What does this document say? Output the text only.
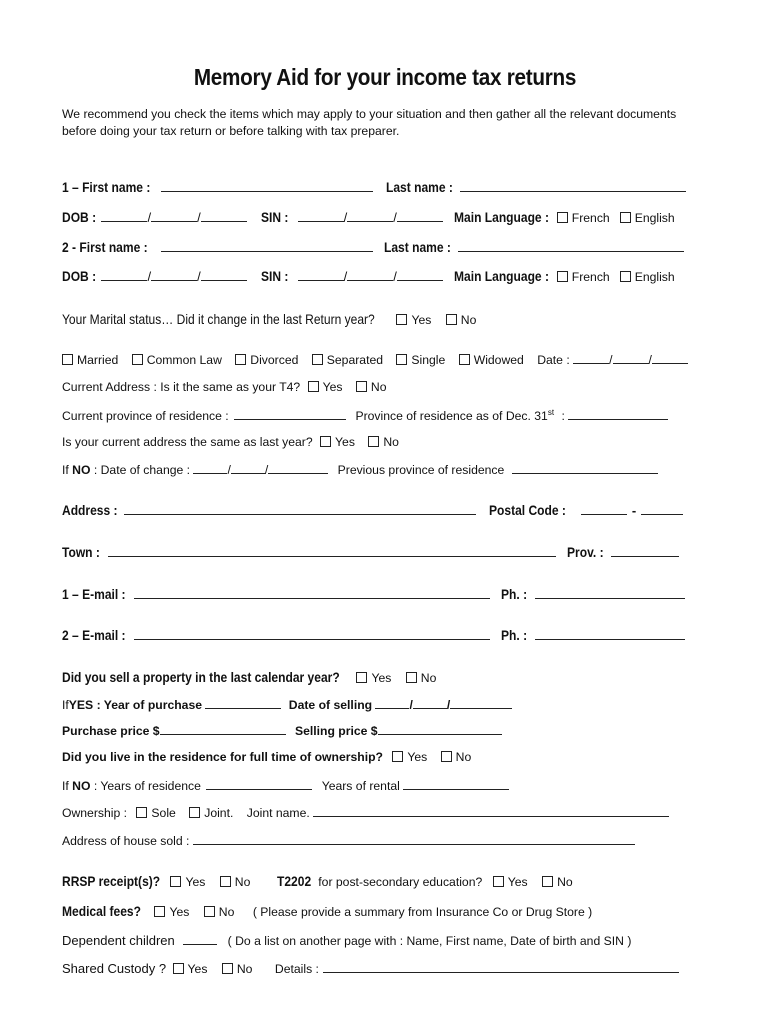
Memory Aid for your income tax returns
We recommend you check the items which may apply to your situation and then gather all the relevant documents before doing your tax return or before talking with tax preparer.
1 – First name :	Last name :
DOB :	/	/	SIN :	/	/	Main Language : French English
2 - First name :	Last name :
DOB :	/	/	SIN :	/	/	Main Language : French English
Your Marital status… Did it change in the last Return year?	Yes No
Married Common Law Divorced Separated Single Widowed Date :	/	/
Current Address : Is it the same as your T4? Yes No
Current province of residence :	Province of residence as of Dec. 31st :
Is your current address the same as last year? Yes No
If NO : Date of change :	/	/	Previous province of residence
Address :	Postal Code :	-
Town :	Prov. :
1 – E-mail :	Ph. :
2 – E-mail :	Ph. :
Did you sell a property in the last calendar year?	Yes No
IfYES : Year of purchase	Date of selling	/	/
Purchase price $	Selling price $
Did you live in the residence for full time of ownership? Yes No
If NO : Years of residence	Years of rental
Ownership : Sole Joint. Joint name.
Address of house sold :
RRSP receipt(s)? Yes No T2202 for post-secondary education? Yes No
Medical fees? Yes No ( Please provide a summary from Insurance Co or Drug Store )
Dependent children	( Do a list on another page with : Name, First name, Date of birth and SIN )
Shared Custody ? Yes No Details :
